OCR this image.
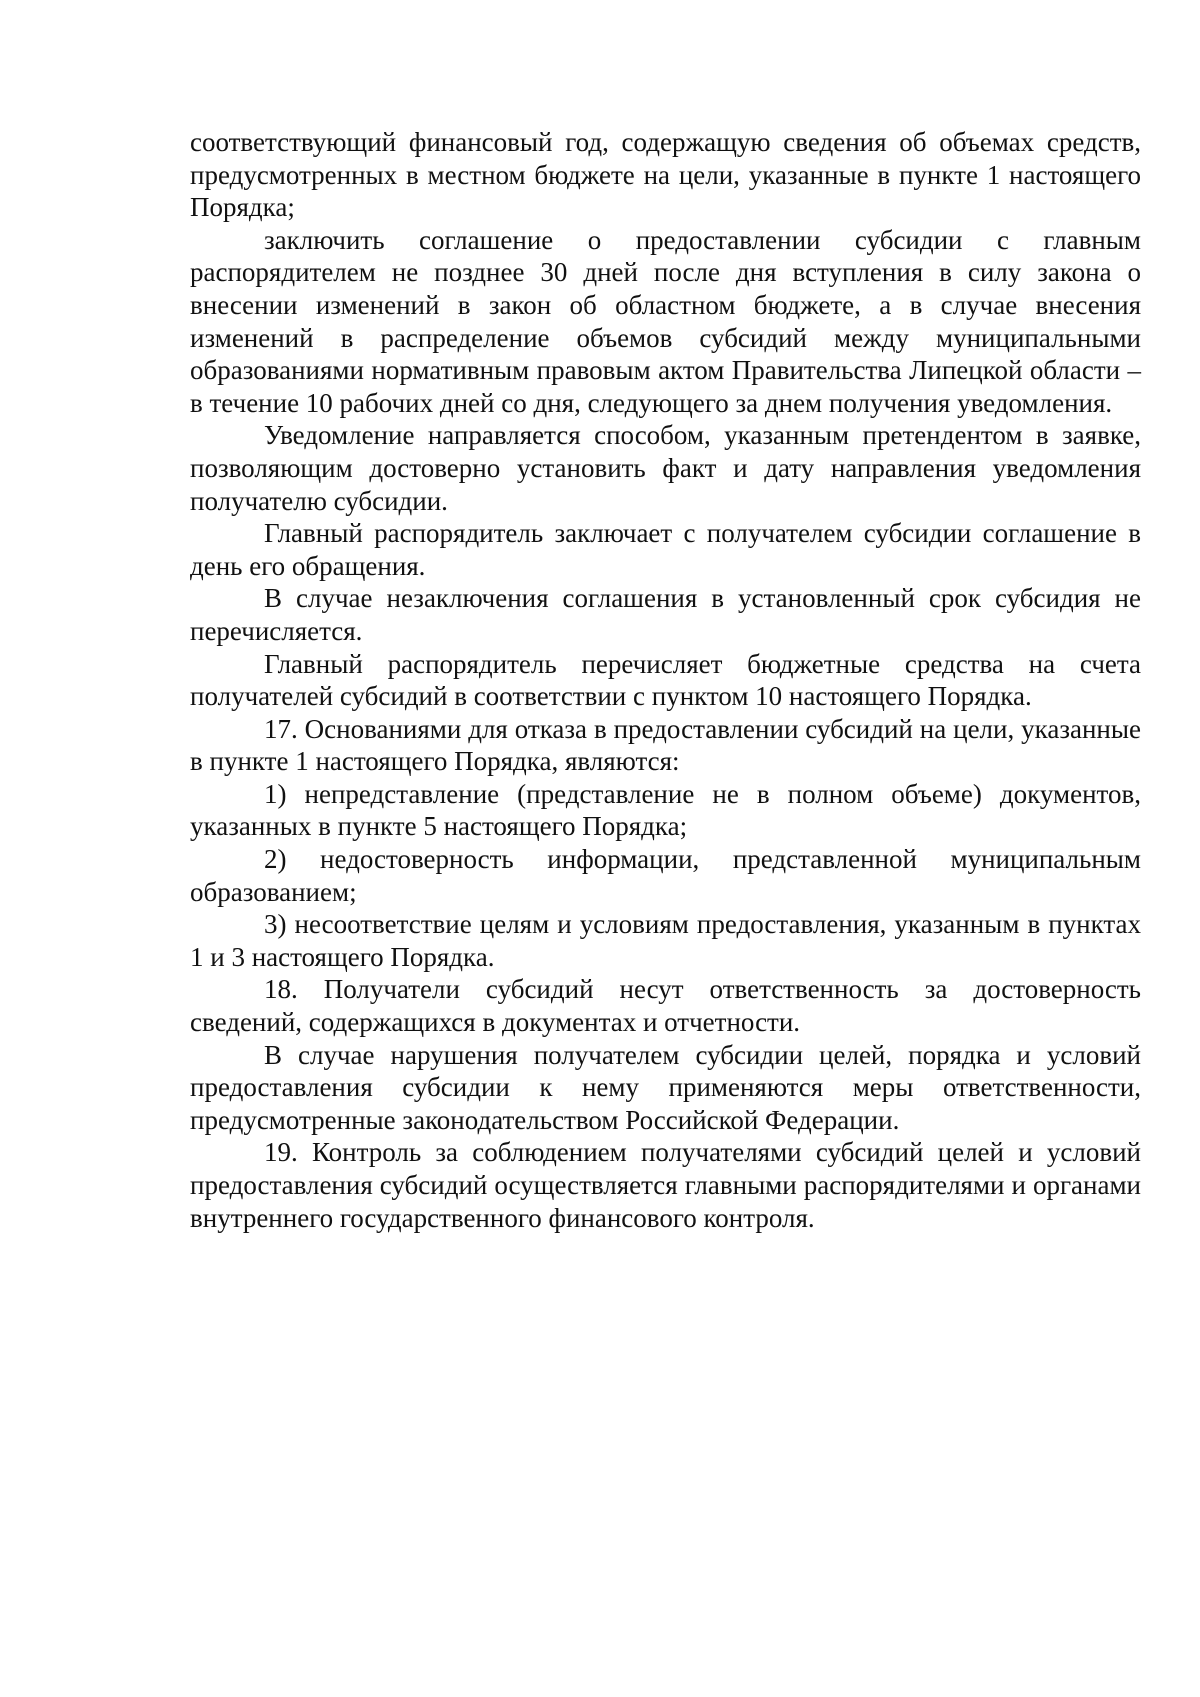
соответствующий финансовый год, содержащую сведения об объемах средств, предусмотренных в местном бюджете на цели, указанные в пункте 1 настоящего Порядка;

заключить соглашение о предоставлении субсидии с главным распорядителем не позднее 30 дней после дня вступления в силу закона о внесении изменений в закон об областном бюджете, а в случае внесения изменений в распределение объемов субсидий между муниципальными образованиями нормативным правовым актом Правительства Липецкой области – в течение 10 рабочих дней со дня, следующего за днем получения уведомления.

Уведомление направляется способом, указанным претендентом в заявке, позволяющим достоверно установить факт и дату направления уведомления получателю субсидии.

Главный распорядитель заключает с получателем субсидии соглашение в день его обращения.

В случае незаключения соглашения в установленный срок субсидия не перечисляется.

Главный распорядитель перечисляет бюджетные средства на счета получателей субсидий в соответствии с пунктом 10 настоящего Порядка.

17. Основаниями для отказа в предоставлении субсидий на цели, указанные в пункте 1 настоящего Порядка, являются:

1) непредставление (представление не в полном объеме) документов, указанных в пункте 5 настоящего Порядка;

2) недостоверность информации, представленной муниципальным образованием;

3) несоответствие целям и условиям предоставления, указанным в пунктах 1 и 3 настоящего Порядка.

18. Получатели субсидий несут ответственность за достоверность сведений, содержащихся в документах и отчетности.

В случае нарушения получателем субсидии целей, порядка и условий предоставления субсидии к нему применяются меры ответственности, предусмотренные законодательством Российской Федерации.

19. Контроль за соблюдением получателями субсидий целей и условий предоставления субсидий осуществляется главными распорядителями и органами внутреннего государственного финансового контроля.
